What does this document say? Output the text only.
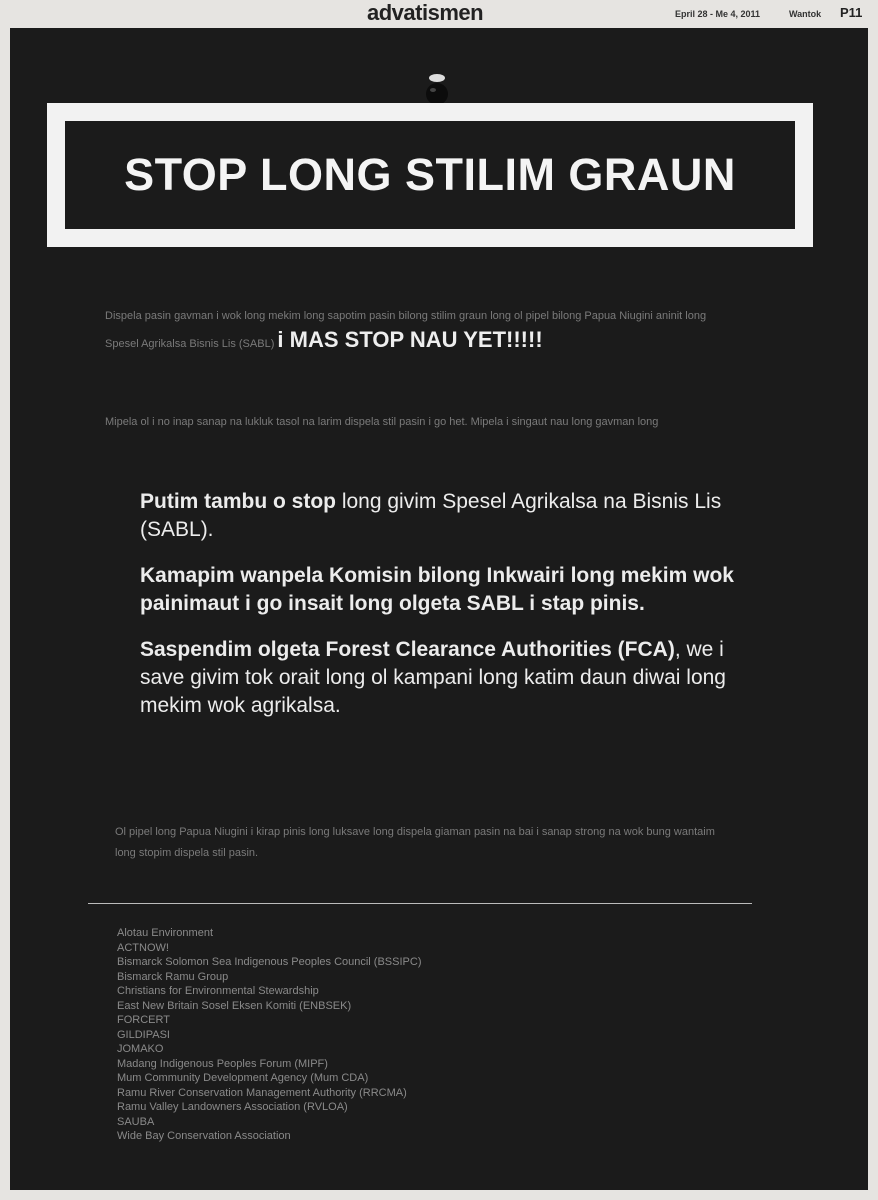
advatismen	Epril 28 - Me 4, 2011	Wantok P11
STOP LONG STILIM GRAUN
Dispela pasin gavman i wok long mekim long sapotim pasin bilong stilim graun long ol pipel bilong Papua Niugini aninit long Spesel Agrikalsa Bisnis Lis (SABL) i MAS STOP NAU YET!!!!!
Mipela ol i no inap sanap na lukluk tasol na larim dispela stil pasin i go het. Mipela i singaut nau long gavman long

Putim tambu o stop long givim Spesel Agrikalsa na Bisnis Lis (SABL).

Kamapim wanpela Komisin bilong Inkwairi long mekim wok painimaut i go insait long olgeta SABL i stap pinis.

Saspendim olgeta Forest Clearance Authorities (FCA), we i save givim tok orait long ol kampani long katim daun diwai long mekim wok agrikalsa.

Ol pipel long Papua Niugini i kirap pinis long luksave long dispela giaman pasin na bai i sanap strong na wok bung wantaim long stopim dispela stil pasin.
Alotau Environment
ACTNOW!
Bismarck Solomon Sea Indigenous Peoples Council (BSSIPC)
Bismarck Ramu Group
Christians for Environmental Stewardship
East New Britain Sosel Eksen Komiti (ENBSEK)
FORCERT
GILDIPASI
JOMAKO
Madang Indigenous Peoples Forum (MIPF)
Mum Community Development Agency (Mum CDA)
Ramu River Conservation Management Authority (RRCMA)
Ramu Valley Landowners Association (RVLOA)
SAUBA
Wide Bay Conservation Association
